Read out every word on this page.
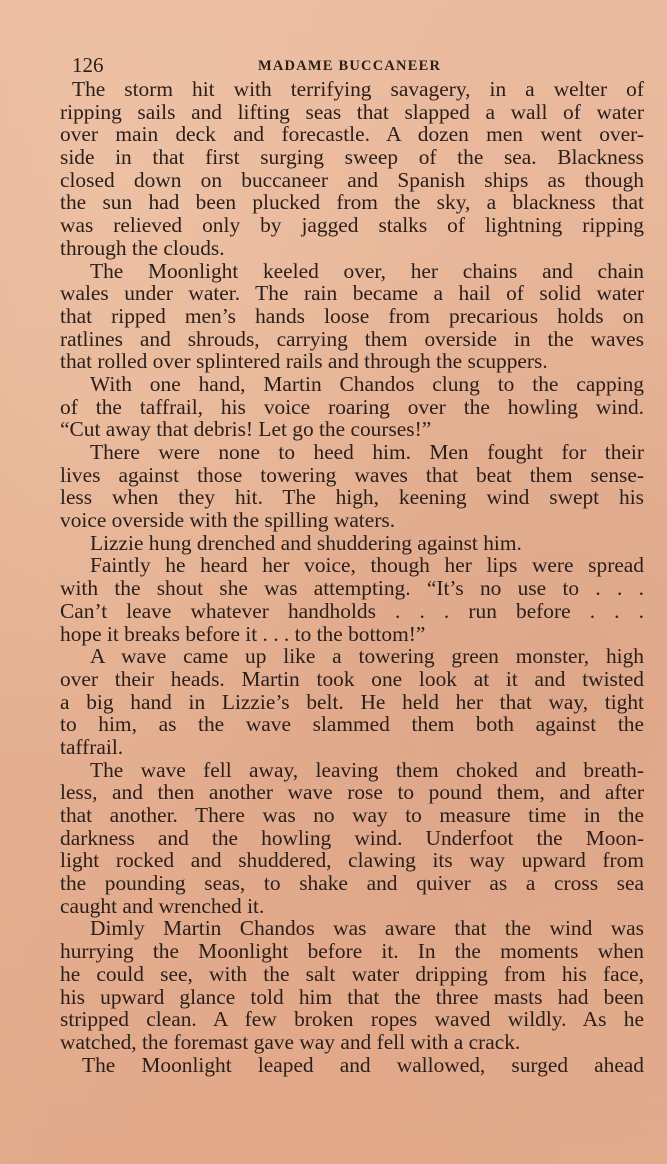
126	MADAME BUCCANEER

The storm hit with terrifying savagery, in a welter of
ripping sails and lifting seas that slapped a wall of water
over main deck and forecastle. A dozen men went over-
side in that first surging sweep of the sea. Blackness
closed down on buccaneer and Spanish ships as though
the sun had been plucked from the sky, a blackness that
was relieved only by jagged stalks of lightning ripping
through the clouds.

The Moonlight keeled over, her chains and chain
wales under water. The rain became a hail of solid water
that ripped men’s hands loose from precarious holds on
ratlines and shrouds, carrying them overside in the waves
that rolled over splintered rails and through the scuppers.

With one hand, Martin Chandos clung to the capping
of the taffrail, his voice roaring over the howling wind.
“Cut away that debris! Let go the courses!”

There were none to heed him. Men fought for their
lives against those towering waves that beat them sense-
less when they hit. The high, keening wind swept his
voice overside with the spilling waters.

Lizzie hung drenched and shuddering against him.

Faintly he heard her voice, though her lips were spread
with the shout she was attempting. “It’s no use to . . .
Can’t leave whatever handholds . . . run before . . .
hope it breaks before it . . . to the bottom!”

A wave came up like a towering green monster, high
over their heads. Martin took one look at it and twisted
a big hand in Lizzie’s belt. He held her that way, tight
to him, as the wave slammed them both against the
taffrail.

The wave fell away, leaving them choked and breath-
less, and then another wave rose to pound them, and after
that another. There was no way to measure time in the
darkness and the howling wind. Underfoot the Moon-
light rocked and shuddered, clawing its way upward from
the pounding seas, to shake and quiver as a cross sea
caught and wrenched it.

Dimly Martin Chandos was aware that the wind was
hurrying the Moonlight before it. In the moments when
he could see, with the salt water dripping from his face,
his upward glance told him that the three masts had been
stripped clean. A few broken ropes waved wildly. As he
watched, the foremast gave way and fell with a crack.

The Moonlight leaped and wallowed, surged ahead
